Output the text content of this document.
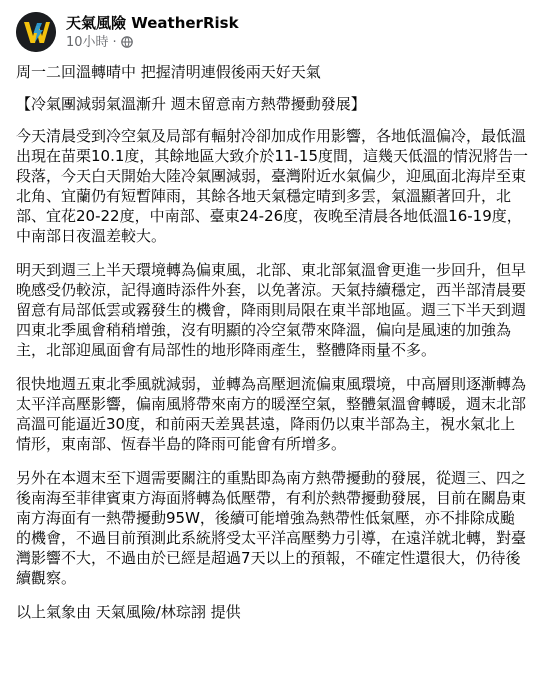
天氣風險 WeatherRisk
10小時 ·

周一二回溫轉晴中 把握清明連假後兩天好天氣

【冷氣團減弱氣溫漸升 週末留意南方熱帶擾動發展】

今天清晨受到冷空氣及局部有輻射冷卻加成作用影響，各地低溫偏冷，最低溫出現在苗栗10.1度，其餘地區大致介於11-15度間，這幾天低溫的情況將告一段落，今天白天開始大陸冷氣團減弱，臺灣附近水氣偏少，迎風面北海岸至東北角、宜蘭仍有短暫陣雨，其餘各地天氣穩定晴到多雲，氣溫顯著回升，北部、宜花20-22度，中南部、臺東24-26度，夜晚至清晨各地低溫16-19度，中南部日夜溫差較大。

明天到週三上半天環境轉為偏東風，北部、東北部氣溫會更進一步回升，但早晚感受仍較涼，記得適時添件外套，以免著涼。天氣持續穩定，西半部清晨要留意有局部低雲或霧發生的機會，降雨則局限在東半部地區。週三下半天到週四東北季風會稍稍增強，沒有明顯的冷空氣帶來降溫，偏向是風速的加強為主，北部迎風面會有局部性的地形降雨產生，整體降雨量不多。

很快地週五東北季風就減弱，並轉為高壓迴流偏東風環境，中高層則逐漸轉為太平洋高壓影響，偏南風將帶來南方的暖溼空氣，整體氣溫會轉暖，週末北部高溫可能逼近30度，和前兩天差異甚遠，降雨仍以東半部為主，視水氣北上情形，東南部、恆春半島的降雨可能會有所增多。

另外在本週末至下週需要關注的重點即為南方熱帶擾動的發展，從週三、四之後南海至菲律賓東方海面將轉為低壓帶，有利於熱帶擾動發展，目前在關島東南方海面有一熱帶擾動95W，後續可能增強為熱帶性低氣壓，亦不排除成颱的機會，不過目前預測此系統將受太平洋高壓勢力引導，在遠洋就北轉，對臺灣影響不大，不過由於已經是超過7天以上的預報，不確定性還很大，仍待後續觀察。

以上氣象由 天氣風險/林琮詡 提供
